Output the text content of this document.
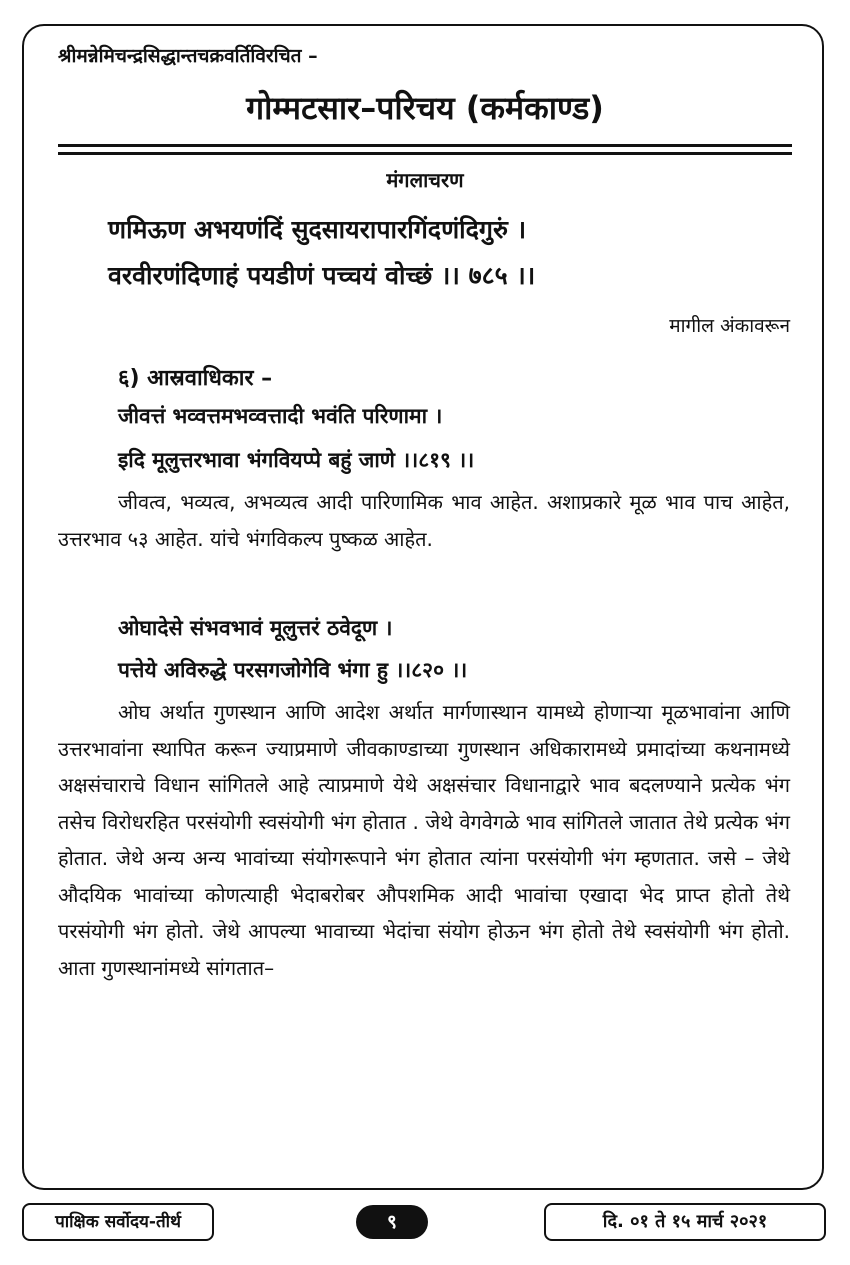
श्रीमन्नेमिचन्द्रसिद्धान्तचक्रवर्तिविरचित –
गोम्मटसार–परिचय (कर्मकाण्ड)
मंगलाचरण
णमिऊण अभयणंदिं सुदसायरापारगिंदणंदिगुरुं ।
वरवीरणंदिणाहं पयडीणं पच्चयं वोच्छं ।। ७८५ ।।
मागील अंकावरून
६) आस्रवाधिकार –
जीवत्तं भव्वत्तमभव्वत्तादी भवंति परिणामा ।
इदि मूलुत्तरभावा भंगवियप्पे बहुं जाणे ।।८१९ ।।

जीवत्व, भव्यत्व, अभव्यत्व आदी पारिणामिक भाव आहेत. अशाप्रकारे मूळ भाव पाच आहेत, उत्तरभाव ५३ आहेत. यांचे भंगविकल्प पुष्कळ आहेत.

ओघादेसे संभवभावं मूलुत्तरं ठवेदूण ।
पत्तेये अविरुद्धे परसगजोगेवि भंगा हु ।।८२० ।।

ओघ अर्थात गुणस्थान आणि आदेश अर्थात मार्गणास्थान यामध्ये होणाऱ्या मूळभावांना आणि उत्तरभावांना स्थापित करून ज्याप्रमाणे जीवकाण्डाच्या गुणस्थान अधिकारामध्ये प्रमादांच्या कथनामध्ये अक्षसंचाराचे विधान सांगितले आहे त्याप्रमाणे येथे अक्षसंचार विधानाद्वारे भाव बदलण्याने प्रत्येक भंग तसेच विरोधरहित परसंयोगी स्वसंयोगी भंग होतात . जेथे वेगवेगळे भाव सांगितले जातात तेथे प्रत्येक भंग होतात. जेथे अन्य अन्य भावांच्या संयोगरूपाने भंग होतात त्यांना परसंयोगी भंग म्हणतात. जसे – जेथे औदयिक भावांच्या कोणत्याही भेदाबरोबर औपशमिक आदी भावांचा एखादा भेद प्राप्त होतो तेथे परसंयोगी भंग होतो. जेथे आपल्या भावाच्या भेदांचा संयोग होऊन भंग होतो तेथे स्वसंयोगी भंग होतो. आता गुणस्थानांमध्ये सांगतात–

पाक्षिक सर्वोदय-तीर्थ	९	दि. ०१ ते १५ मार्च २०२१
